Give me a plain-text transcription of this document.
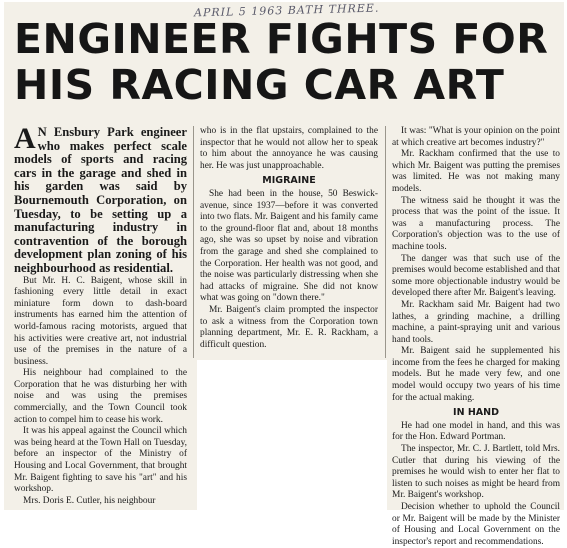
APRIL 5 1963 BATH THREE.
ENGINEER FIGHTS FOR HIS RACING CAR ART

A N Ensbury Park engineer who makes perfect scale models of sports and racing cars in the garage and shed in his garden was said by Bournemouth Corporation, on Tuesday, to be setting up a manufacturing industry in contravention of the borough development plan zoning of his neighbourhood as residential.

But Mr. H. C. Baigent, whose skill in fashioning every little detail in exact miniature form down to dash-board instruments has earned him the attention of world-famous racing motorists, argued that his activities were creative art, not industrial use of the premises in the nature of a business.

His neighbour had complained to the Corporation that he was disturbing her with noise and was using the premises commercially, and the Town Council took action to compel him to cease his work.

It was his appeal against the Council which was being heard at the Town Hall on Tuesday, before an inspector of the Ministry of Housing and Local Government, that brought Mr. Baigent fighting to save his "art" and his workshop.

Mrs. Doris E. Cutler, his neighbour

who is in the flat upstairs, complained to the inspector that he would not allow her to speak to him about the annoyance he was causing her. He was just unapproachable.

MIGRAINE

She had been in the house, 50 Beswick-avenue, since 1937—before it was converted into two flats. Mr. Baigent and his family came to the ground-floor flat and, about 18 months ago, she was so upset by noise and vibration from the garage and shed she complained to the Corporation. Her health was not good, and the noise was particularly distressing when she had attacks of migraine. She did not know what was going on "down there."

Mr. Baigent's claim prompted the inspector to ask a witness from the Corporation town planning department, Mr. E. R. Rackham, a difficult question.

It was: "What is your opinion on the point at which creative art becomes industry?"

Mr. Rackham confirmed that the use to which Mr. Baigent was putting the premises was limited. He was not making many models.

The witness said he thought it was the process that was the point of the issue. It was a manufacturing process. The Corporation's objection was to the use of machine tools.

The danger was that such use of the premises would become established and that some more objectionable industry would be developed there after Mr. Baigent's leaving.

Mr. Rackham said Mr. Baigent had two lathes, a grinding machine, a drilling machine, a paint-spraying unit and various hand tools.

Mr. Baigent said he supplemented his income from the fees he charged for making models. But he made very few, and one model would occupy two years of his time for the actual making.

IN HAND

He had one model in hand, and this was for the Hon. Edward Portman.

The inspector, Mr. C. J. Bartlett, told Mrs. Cutler that during his viewing of the premises he would wish to enter her flat to listen to such noises as might be heard from Mr. Baigent's workshop.

Decision whether to uphold the Council or Mr. Baigent will be made by the Minister of Housing and Local Government on the inspector's report and recommendations.
